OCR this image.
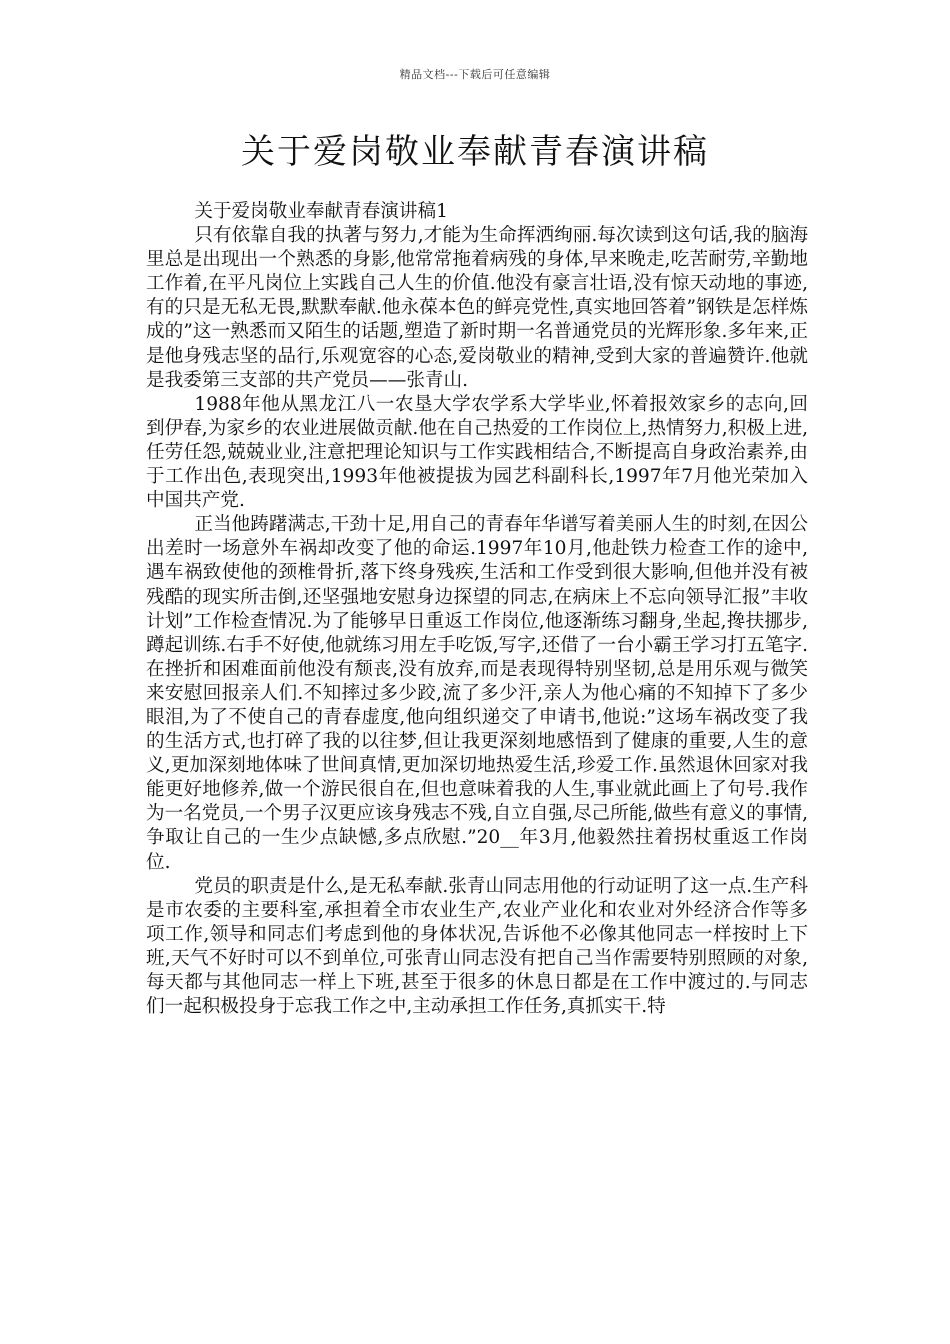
精品文档---下载后可任意编辑
关于爱岗敬业奉献青春演讲稿

关于爱岗敬业奉献青春演讲稿1

只有依靠自我的执著与努力,才能为生命挥洒绚丽.每次读到这句话,我的脑海里总是出现出一个熟悉的身影,他常常拖着病残的身体,早来晚走,吃苦耐劳,辛勤地工作着,在平凡岗位上实践自己人生的价值.他没有豪言壮语,没有惊天动地的事迹,有的只是无私无畏,默默奉献.他永葆本色的鲜亮党性,真实地回答着”钢铁是怎样炼成的”这一熟悉而又陌生的话题,塑造了新时期一名普通党员的光辉形象.多年来,正是他身残志坚的品行,乐观宽容的心态,爱岗敬业的精神,受到大家的普遍赞许.他就是我委第三支部的共产党员——张青山.

1988年他从黑龙江八一农垦大学农学系大学毕业,怀着报效家乡的志向,回到伊春,为家乡的农业进展做贡献.他在自己热爱的工作岗位上,热情努力,积极上进,任劳任怨,兢兢业业,注意把理论知识与工作实践相结合,不断提高自身政治素养,由于工作出色,表现突出,1993年他被提拔为园艺科副科长,1997年7月他光荣加入中国共产党.

正当他踌躇满志,干劲十足,用自己的青春年华谱写着美丽人生的时刻,在因公出差时一场意外车祸却改变了他的命运.1997年10月,他赴铁力检查工作的途中,遇车祸致使他的颈椎骨折,落下终身残疾,生活和工作受到很大影响,但他并没有被残酷的现实所击倒,还坚强地安慰身边探望的同志,在病床上不忘向领导汇报”丰收计划”工作检查情况.为了能够早日重返工作岗位,他逐渐练习翻身,坐起,搀扶挪步,蹲起训练.右手不好使,他就练习用左手吃饭,写字,还借了一台小霸王学习打五笔字.在挫折和困难面前他没有颓丧,没有放弃,而是表现得特别坚韧,总是用乐观与微笑来安慰回报亲人们.不知摔过多少跤,流了多少汗,亲人为他心痛的不知掉下了多少眼泪,为了不使自己的青春虚度,他向组织递交了申请书,他说:”这场车祸改变了我的生活方式,也打碎了我的以往梦,但让我更深刻地感悟到了健康的重要,人生的意义,更加深刻地体味了世间真情,更加深切地热爱生活,珍爱工作.虽然退休回家对我能更好地修养,做一个游民很自在,但也意味着我的人生,事业就此画上了句号.我作为一名党员,一个男子汉更应该身残志不残,自立自强,尽己所能,做些有意义的事情,争取让自己的一生少点缺憾,多点欣慰.”20__年3月,他毅然拄着拐杖重返工作岗位.

党员的职责是什么,是无私奉献.张青山同志用他的行动证明了这一点.生产科是市农委的主要科室,承担着全市农业生产,农业产业化和农业对外经济合作等多项工作,领导和同志们考虑到他的身体状况,告诉他不必像其他同志一样按时上下班,天气不好时可以不到单位,可张青山同志没有把自己当作需要特别照顾的对象,每天都与其他同志一样上下班,甚至于很多的休息日都是在工作中渡过的.与同志们一起积极投身于忘我工作之中,主动承担工作任务,真抓实干.特
